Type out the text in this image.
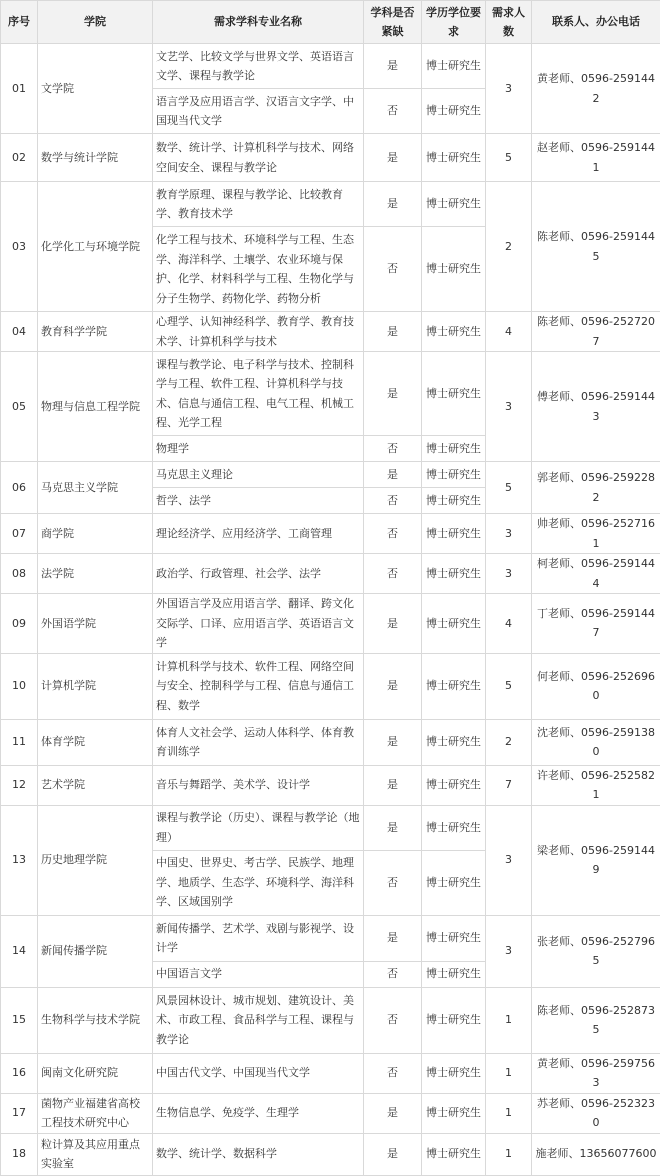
序号	学院	需求学科专业名称	学科是否紧缺	学历学位要求	需求人数	联系人、办公电话
01	文学院	文艺学、比较文学与世界文学、英语语言文学、课程与教学论	是	博士研究生	3	黄老师、0596-2591442
		语言学及应用语言学、汉语言文字学、中国现当代文学	否	博士研究生		
02	数学与统计学院	数学、统计学、计算机科学与技术、网络空间安全、课程与教学论	是	博士研究生	5	赵老师、0596-2591441
03	化学化工与环境学院	教育学原理、课程与教学论、比较教育学、教育技术学	是	博士研究生	2	陈老师、0596-2591445
		化学工程与技术、环境科学与工程、生态学、海洋科学、土壤学、农业环境与保护、化学、材料科学与工程、生物化学与分子生物学、药物化学、药物分析	否	博士研究生		
04	教育科学学院	心理学、认知神经科学、教育学、教育技术学、计算机科学与技术	是	博士研究生	4	陈老师、0596-2527207
05	物理与信息工程学院	课程与教学论、电子科学与技术、控制科学与工程、软件工程、计算机科学与技术、信息与通信工程、电气工程、机械工程、光学工程	是	博士研究生	3	傅老师、0596-2591443
		物理学	否	博士研究生		
06	马克思主义学院	马克思主义理论	是	博士研究生	5	郭老师、0596-2592282
		哲学、法学	否	博士研究生		
07	商学院	理论经济学、应用经济学、工商管理	否	博士研究生	3	帅老师、0596-2527161
08	法学院	政治学、行政管理、社会学、法学	否	博士研究生	3	柯老师、0596-2591444
09	外国语学院	外国语言学及应用语言学、翻译、跨文化交际学、口译、应用语言学、英语语言文学	是	博士研究生	4	丁老师、0596-2591447
10	计算机学院	计算机科学与技术、软件工程、网络空间与安全、控制科学与工程、信息与通信工程、数学	是	博士研究生	5	何老师、0596-2526960
11	体育学院	体育人文社会学、运动人体科学、体育教育训练学	是	博士研究生	2	沈老师、0596-2591380
12	艺术学院	音乐与舞蹈学、美术学、设计学	是	博士研究生	7	许老师、0596-2525821
13	历史地理学院	课程与教学论（历史）、课程与教学论（地理）	是	博士研究生	3	梁老师、0596-2591449
		中国史、世界史、考古学、民族学、地理学、地质学、生态学、环境科学、海洋科学、区域国别学	否	博士研究生		
14	新闻传播学院	新闻传播学、艺术学、戏剧与影视学、设计学	是	博士研究生	3	张老师、0596-2527965
		中国语言文学	否	博士研究生		
15	生物科学与技术学院	风景园林设计、城市规划、建筑设计、美术、市政工程、食品科学与工程、课程与教学论	否	博士研究生	1	陈老师、0596-2528735
16	闽南文化研究院	中国古代文学、中国现当代文学	否	博士研究生	1	黄老师、0596-2597563
17	菌物产业福建省高校工程技术研究中心	生物信息学、免疫学、生理学	是	博士研究生	1	苏老师、0596-2523230
18	粒计算及其应用重点实验室	数学、统计学、数据科学	是	博士研究生	1	施老师、13656077600
